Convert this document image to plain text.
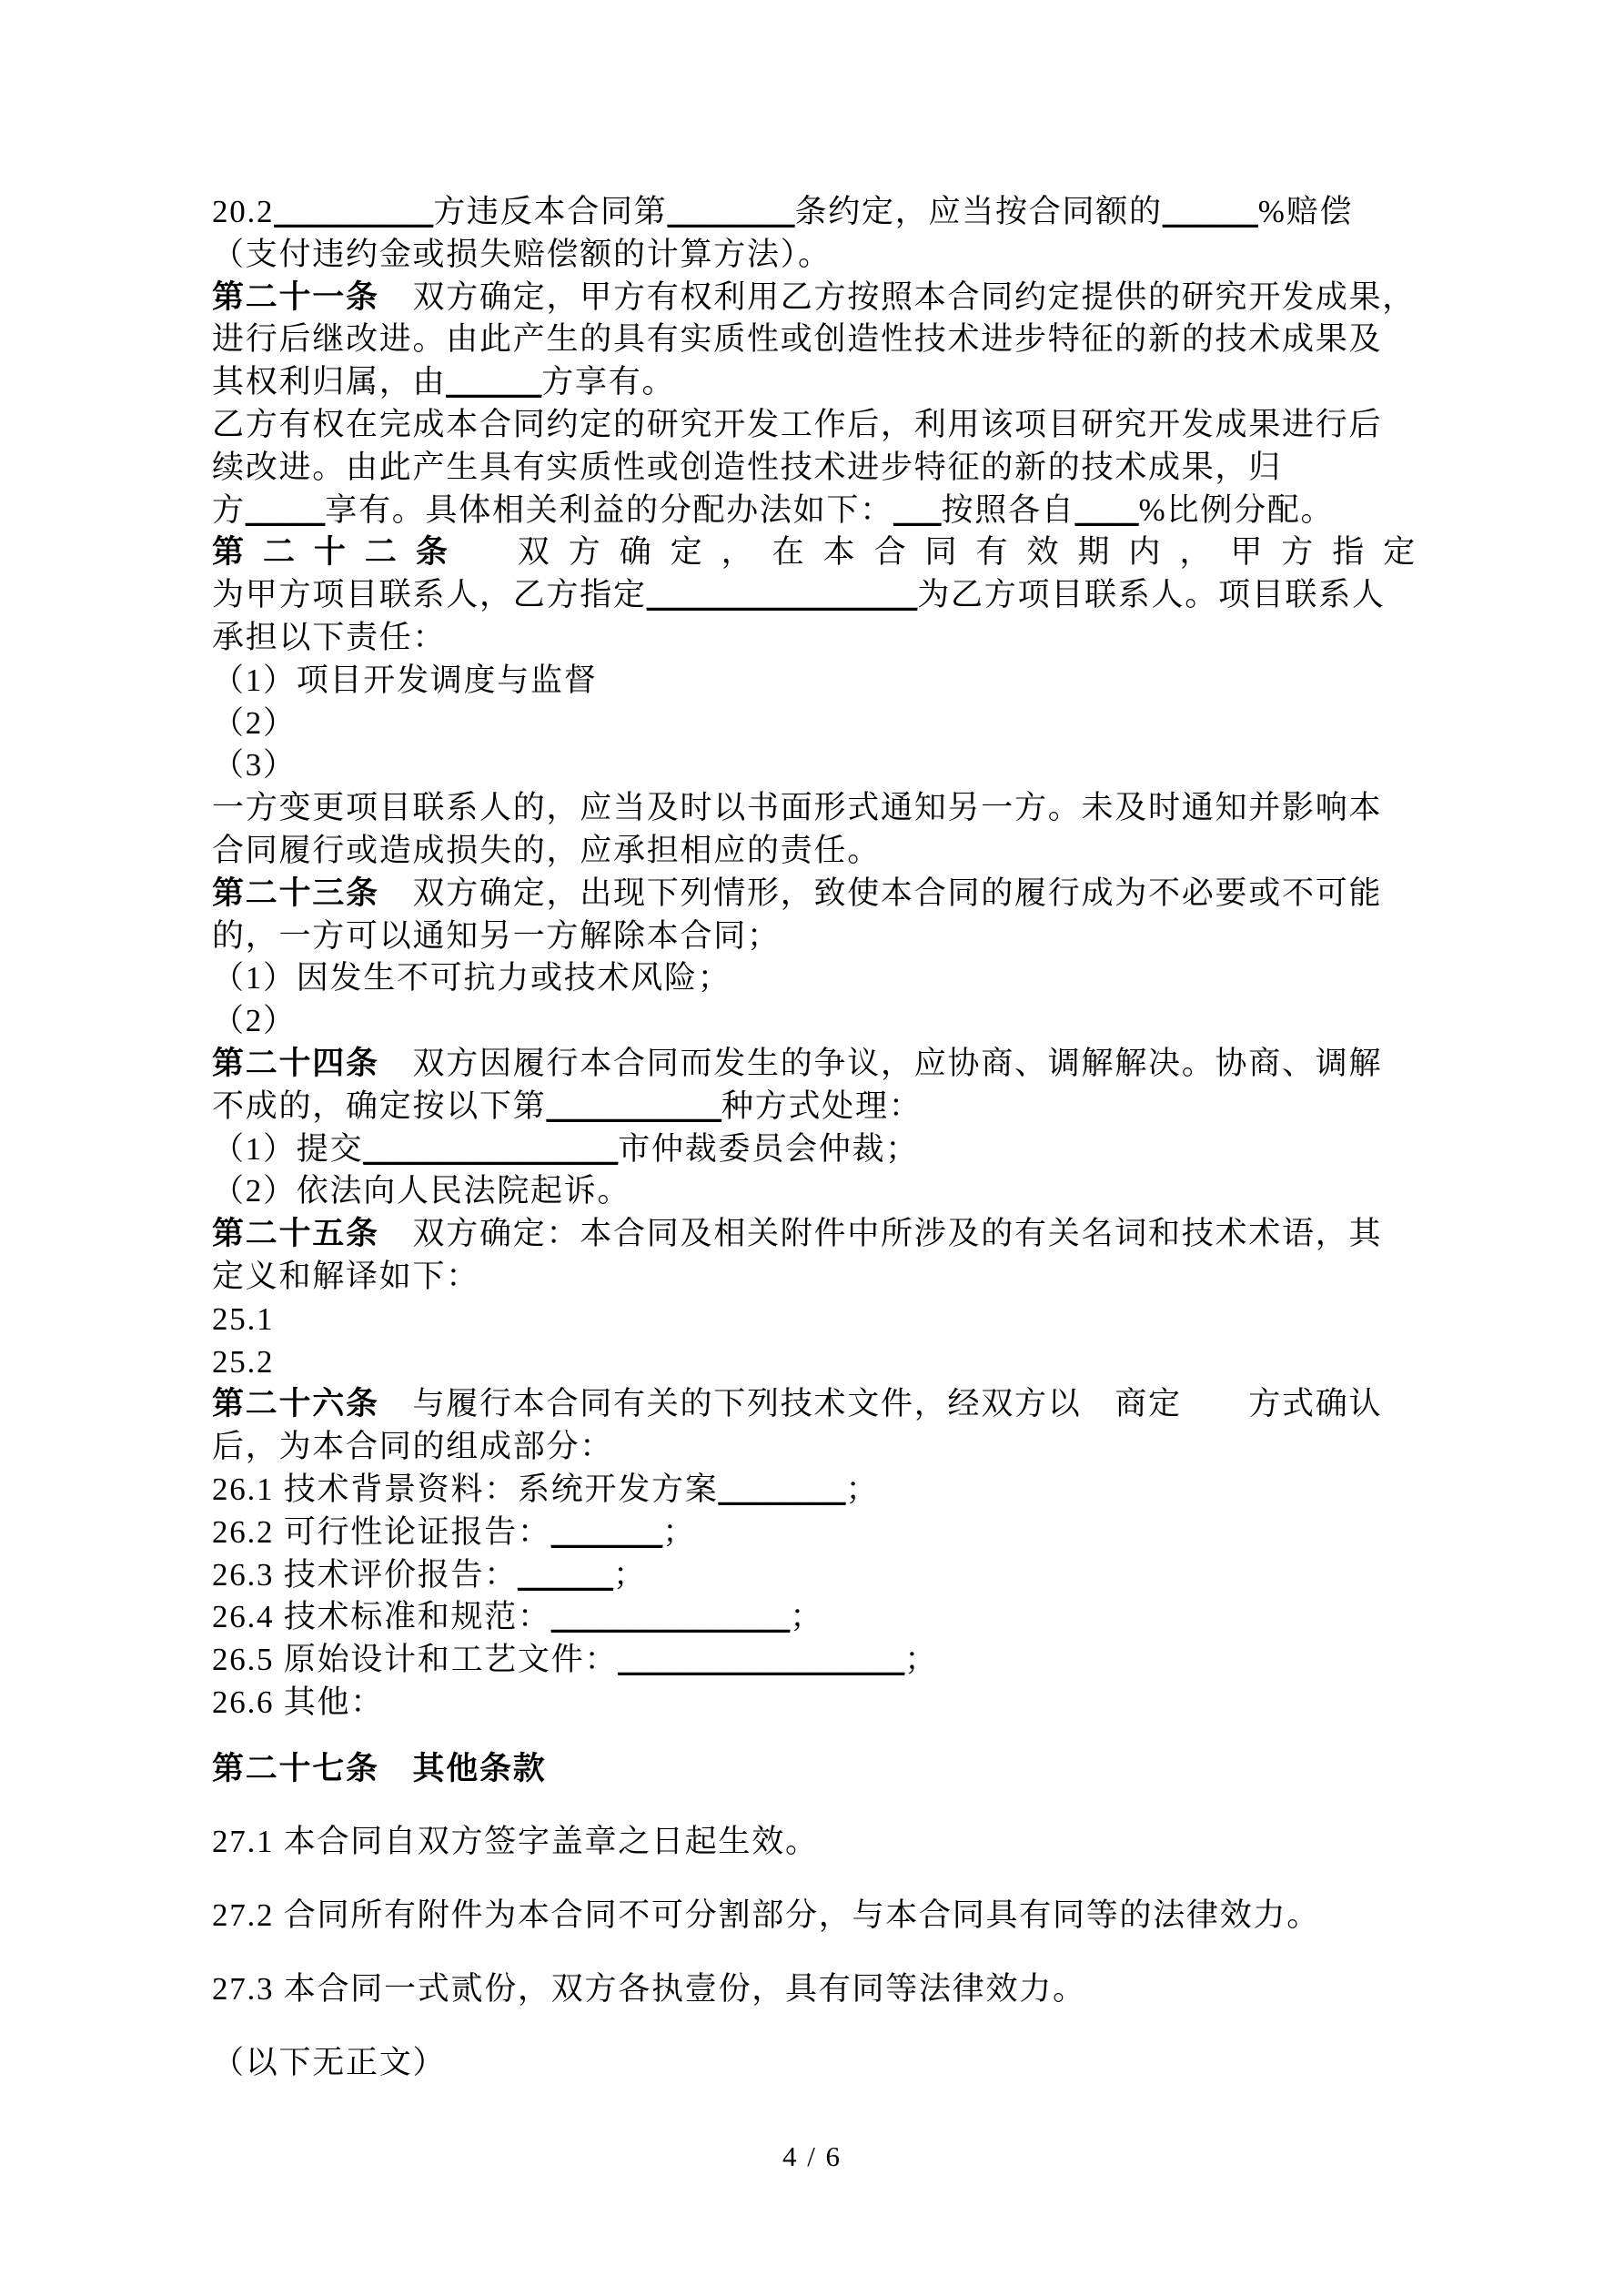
20.2__________方违反本合同第________条约定，应当按合同额的______%赔偿
（支付违约金或损失赔偿额的计算方法）。
第二十一条　双方确定，甲方有权利用乙方按照本合同约定提供的研究开发成果，
进行后继改进。由此产生的具有实质性或创造性技术进步特征的新的技术成果及
其权利归属，由______方享有。
乙方有权在完成本合同约定的研究开发工作后，利用该项目研究开发成果进行后
续改进。由此产生具有实质性或创造性技术进步特征的新的技术成果，归
方_____享有。具体相关利益的分配办法如下：___按照各自____%比例分配。
第二十二条　双方确定，在本合同有效期内，甲方指定
为甲方项目联系人，乙方指定_________________为乙方项目联系人。项目联系人
承担以下责任：
（1）项目开发调度与监督
（2）
（3）
一方变更项目联系人的，应当及时以书面形式通知另一方。未及时通知并影响本
合同履行或造成损失的，应承担相应的责任。
第二十三条　双方确定，出现下列情形，致使本合同的履行成为不必要或不可能
的，一方可以通知另一方解除本合同；
（1）因发生不可抗力或技术风险；
（2）
第二十四条　双方因履行本合同而发生的争议，应协商、调解解决。协商、调解
不成的，确定按以下第___________种方式处理：
（1）提交________________市仲裁委员会仲裁；
（2）依法向人民法院起诉。
第二十五条　双方确定：本合同及相关附件中所涉及的有关名词和技术术语，其
定义和解译如下：
25.1
25.2
第二十六条　与履行本合同有关的下列技术文件，经双方以　商定　　方式确认
后，为本合同的组成部分：
26.1 技术背景资料：系统开发方案________；
26.2 可行性论证报告：_______；
26.3 技术评价报告：______；
26.4 技术标准和规范：_______________；
26.5 原始设计和工艺文件：__________________；
26.6 其他：
第二十七条　其他条款
27.1 本合同自双方签字盖章之日起生效。
27.2 合同所有附件为本合同不可分割部分，与本合同具有同等的法律效力。
27.3 本合同一式贰份，双方各执壹份，具有同等法律效力。
（以下无正文）
4 / 6
